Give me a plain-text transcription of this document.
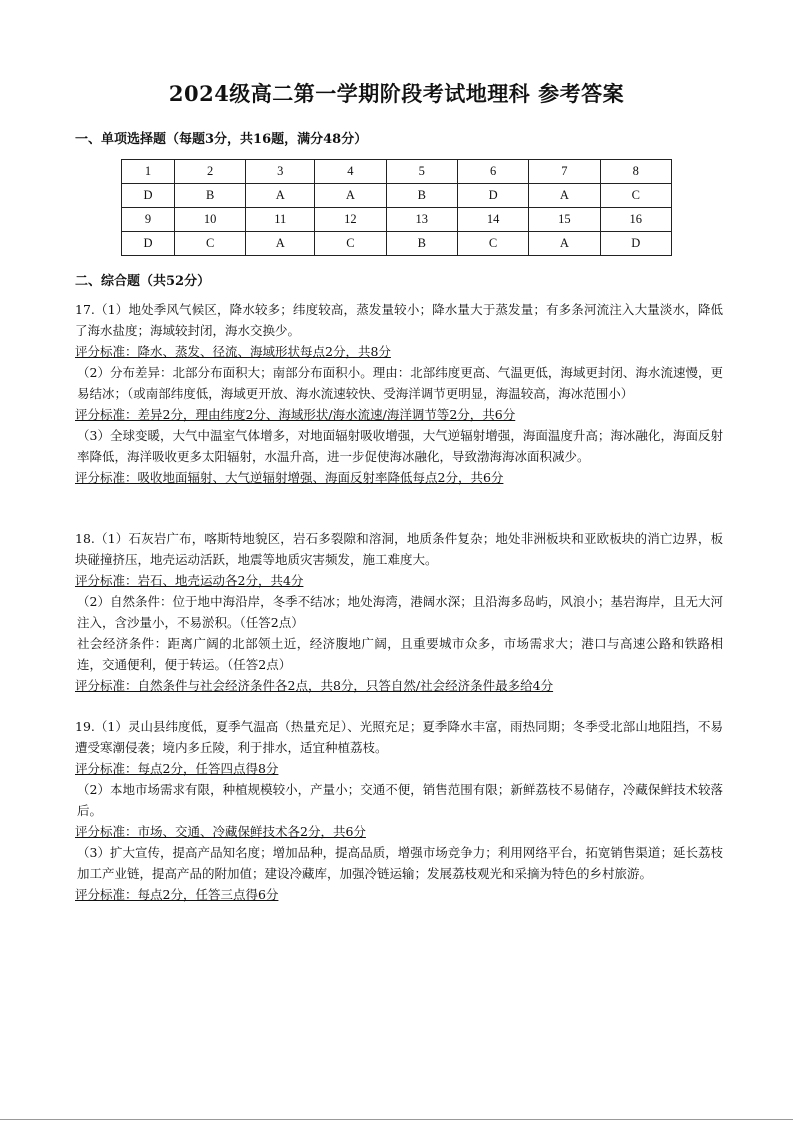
2024级高二第一学期阶段考试地理科 参考答案
一、单项选择题（每题3分，共16题，满分48分）
1	2	3	4	5	6	7	8
D	B	A	A	B	D	A	C
9	10	11	12	13	14	15	16
D	C	A	C	B	C	A	D
二、综合题（共52分）

17.（1）地处季风气候区，降水较多；纬度较高，蒸发量较小；降水量大于蒸发量；有多条河流注入大量淡水，降低了海水盐度；海域较封闭，海水交换少。

评分标准：降水、蒸发、径流、海域形状每点2分，共8分

（2）分布差异：北部分布面积大；南部分布面积小。理由：北部纬度更高、气温更低，海域更封闭、海水流速慢，更易结冰；（或南部纬度低，海域更开放、海水流速较快、受海洋调节更明显，海温较高，海冰范围小）

评分标准：差异2分，理由纬度2分、海域形状/海水流速/海洋调节等2分，共6分

（3）全球变暖，大气中温室气体增多，对地面辐射吸收增强，大气逆辐射增强，海面温度升高；海冰融化，海面反射率降低，海洋吸收更多太阳辐射，水温升高，进一步促使海冰融化，导致渤海海冰面积减少。

评分标准：吸收地面辐射、大气逆辐射增强、海面反射率降低每点2分，共6分

18.（1）石灰岩广布，喀斯特地貌区，岩石多裂隙和溶洞，地质条件复杂；地处非洲板块和亚欧板块的消亡边界，板块碰撞挤压，地壳运动活跃，地震等地质灾害频发，施工难度大。

评分标准：岩石、地壳运动各2分，共4分

（2）自然条件：位于地中海沿岸，冬季不结冰；地处海湾，港阔水深；且沿海多岛屿，风浪小；基岩海岸，且无大河注入，含沙量小，不易淤积。（任答2点）

社会经济条件：距离广阔的北部领土近，经济腹地广阔，且重要城市众多，市场需求大；港口与高速公路和铁路相连，交通便利，便于转运。（任答2点）

评分标准：自然条件与社会经济条件各2点，共8分，只答自然/社会经济条件最多给4分

19.（1）灵山县纬度低，夏季气温高（热量充足）、光照充足；夏季降水丰富，雨热同期；冬季受北部山地阻挡，不易遭受寒潮侵袭；境内多丘陵，利于排水，适宜种植荔枝。

评分标准：每点2分，任答四点得8分

（2）本地市场需求有限，种植规模较小，产量小；交通不便，销售范围有限；新鲜荔枝不易储存，冷藏保鲜技术较落后。

评分标准：市场、交通、冷藏保鲜技术各2分，共6分

（3）扩大宣传，提高产品知名度；增加品种，提高品质，增强市场竞争力；利用网络平台，拓宽销售渠道；延长荔枝加工产业链，提高产品的附加值；建设冷藏库，加强冷链运输；发展荔枝观光和采摘为特色的乡村旅游。

评分标准：每点2分，任答三点得6分
